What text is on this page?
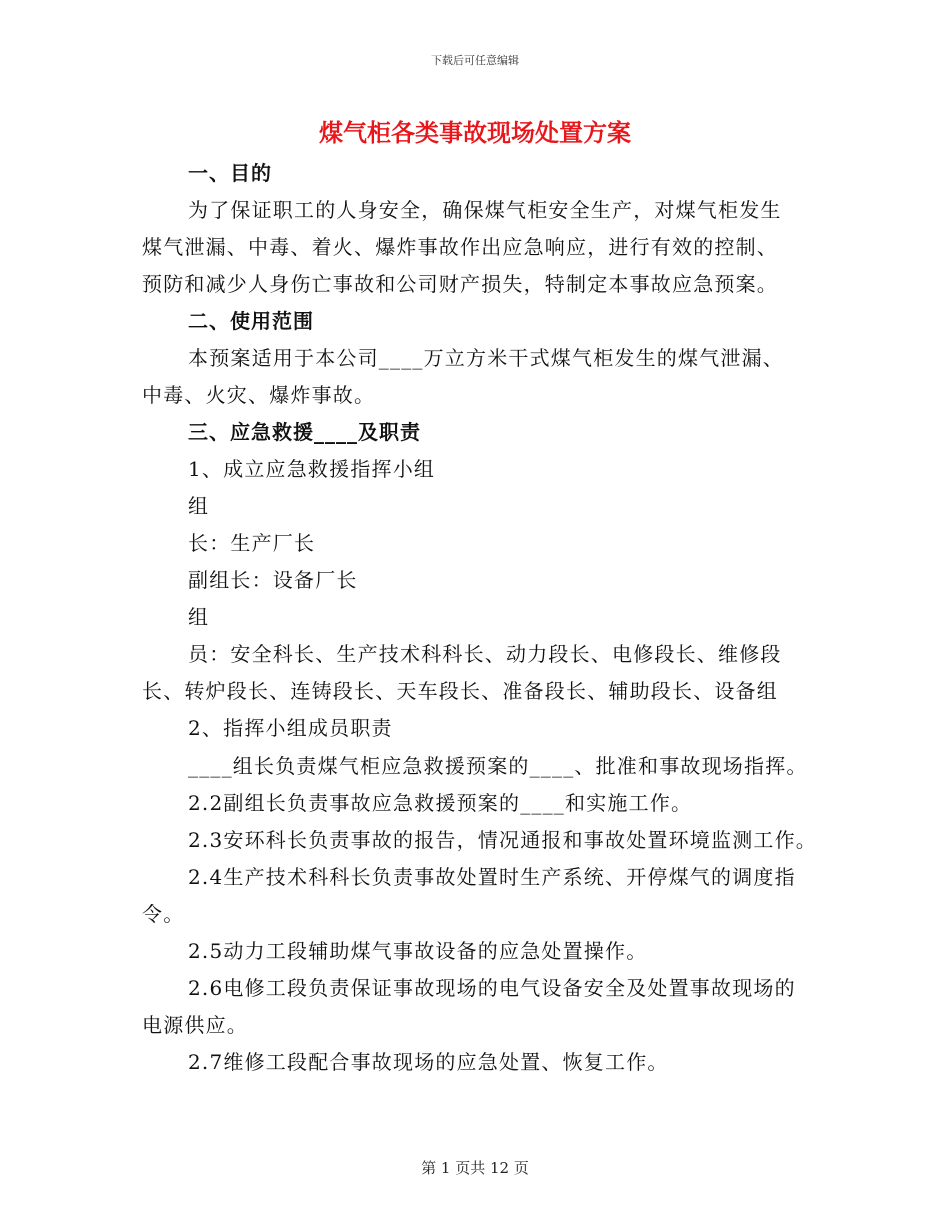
下载后可任意编辑
煤气柜各类事故现场处置方案
一、目的
为了保证职工的人身安全，确保煤气柜安全生产，对煤气柜发生
煤气泄漏、中毒、着火、爆炸事故作出应急响应，进行有效的控制、
预防和减少人身伤亡事故和公司财产损失，特制定本事故应急预案。
二、使用范围
本预案适用于本公司____万立方米干式煤气柜发生的煤气泄漏、
中毒、火灾、爆炸事故。
三、应急救援____及职责
1、成立应急救援指挥小组
组
长：生产厂长
副组长：设备厂长
组
员：安全科长、生产技术科科长、动力段长、电修段长、维修段
长、转炉段长、连铸段长、天车段长、准备段长、辅助段长、设备组
2、指挥小组成员职责
____组长负责煤气柜应急救援预案的____、批准和事故现场指挥。
2.2副组长负责事故应急救援预案的____和实施工作。
2.3安环科长负责事故的报告，情况通报和事故处置环境监测工作。
2.4生产技术科科长负责事故处置时生产系统、开停煤气的调度指
令。
2.5动力工段辅助煤气事故设备的应急处置操作。
2.6电修工段负责保证事故现场的电气设备安全及处置事故现场的
电源供应。
2.7维修工段配合事故现场的应急处置、恢复工作。
第 1 页共 12 页
